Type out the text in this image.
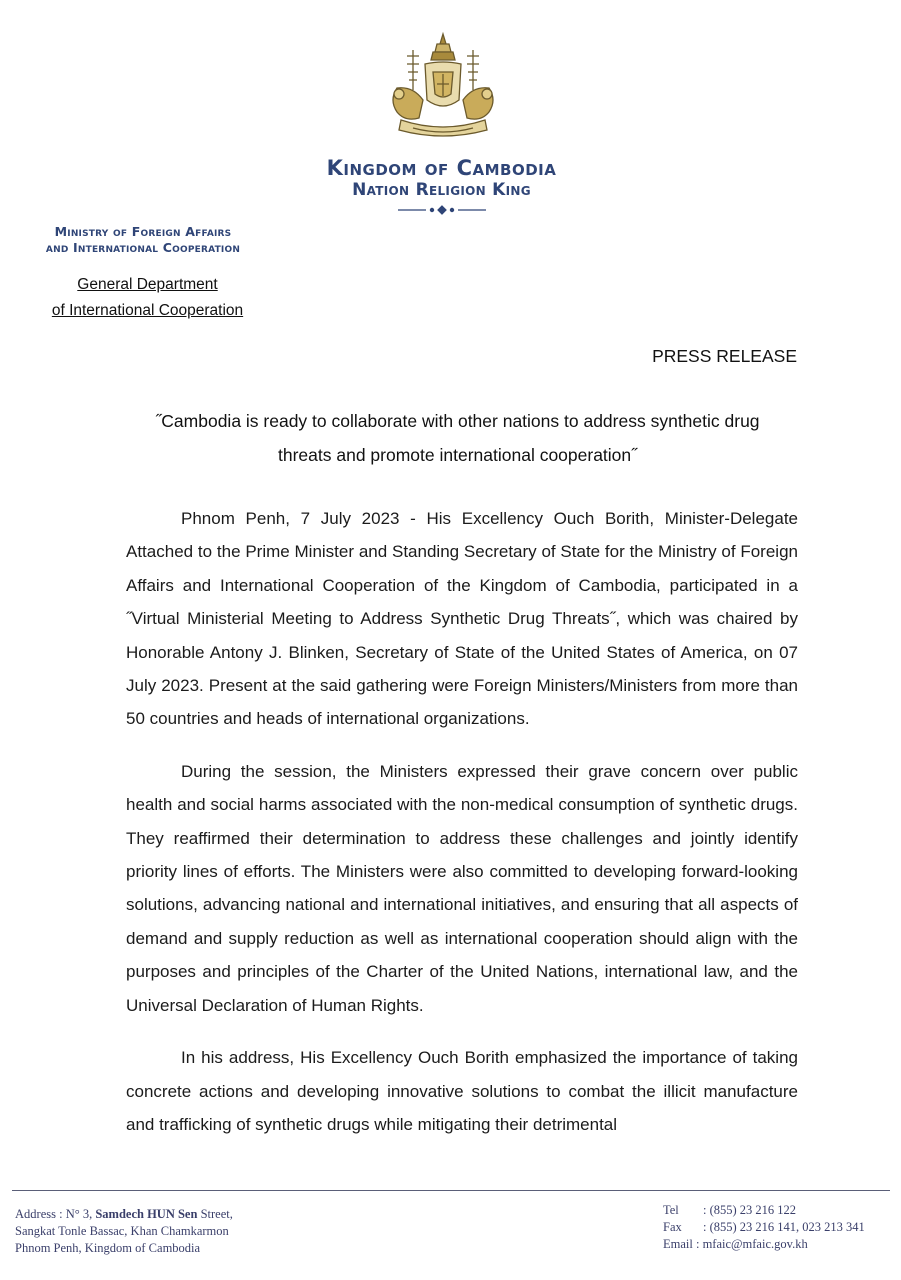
Kingdom of Cambodia
Nation Religion King
Ministry of Foreign Affairs
and International Cooperation
General Department
of International Cooperation
PRESS RELEASE
˝Cambodia is ready to collaborate with other nations to address synthetic drug
threats and promote international cooperation˝

Phnom Penh, 7 July 2023 - His Excellency Ouch Borith, Minister-Delegate Attached to the Prime Minister and Standing Secretary of State for the Ministry of Foreign Affairs and International Cooperation of the Kingdom of Cambodia, participated in a ˝Virtual Ministerial Meeting to Address Synthetic Drug Threats˝, which was chaired by Honorable Antony J. Blinken, Secretary of State of the United States of America, on 07 July 2023. Present at the said gathering were Foreign Ministers/Ministers from more than 50 countries and heads of international organizations.

During the session, the Ministers expressed their grave concern over public health and social harms associated with the non-medical consumption of synthetic drugs. They reaffirmed their determination to address these challenges and jointly identify priority lines of efforts. The Ministers were also committed to developing forward-looking solutions, advancing national and international initiatives, and ensuring that all aspects of demand and supply reduction as well as international cooperation should align with the purposes and principles of the Charter of the United Nations, international law, and the Universal Declaration of Human Rights.

In his address, His Excellency Ouch Borith emphasized the importance of taking concrete actions and developing innovative solutions to combat the illicit manufacture and trafficking of synthetic drugs while mitigating their detrimental

Address : N° 3, Samdech HUN Sen Street,
Sangkat Tonle Bassac, Khan Chamkarmon
Phnom Penh, Kingdom of Cambodia
Tel : (855) 23 216 122
Fax : (855) 23 216 141, 023 213 341
Email : mfaic@mfaic.gov.kh
